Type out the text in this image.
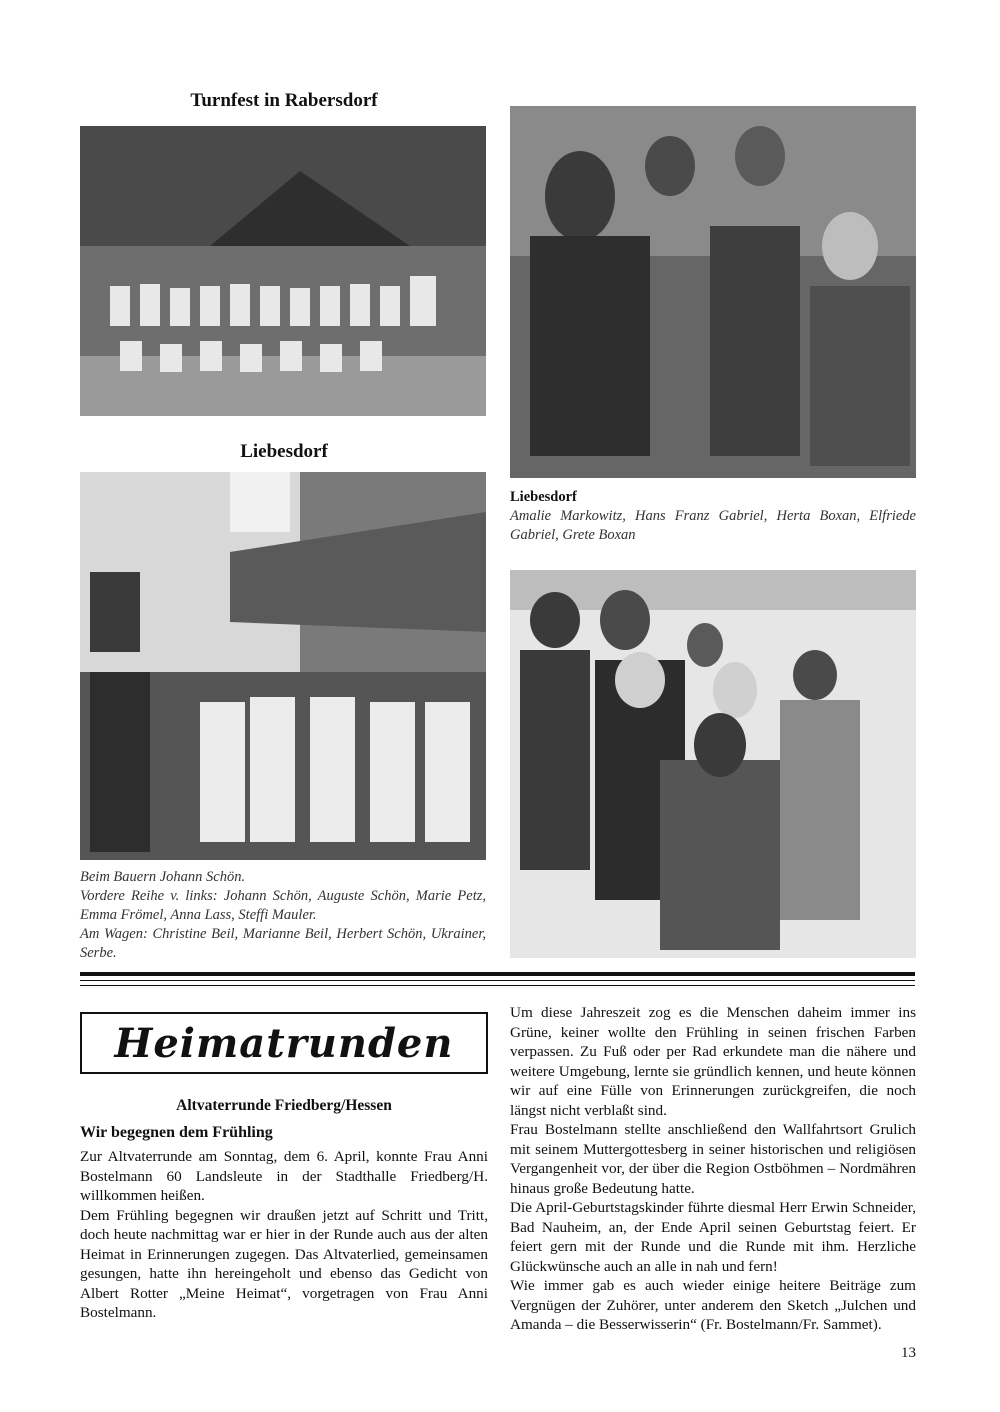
Turnfest in Rabersdorf
Liebesdorf
Beim Bauern Johann Schön.
Vordere Reihe v. links: Johann Schön, Auguste Schön, Marie Petz, Emma Frömel, Anna Lass, Steffi Mauler.
Am Wagen: Christine Beil, Marianne Beil, Herbert Schön, Ukrainer, Serbe.
Liebesdorf
Amalie Markowitz, Hans Franz Gabriel, Herta Boxan, Elfriede Gabriel, Grete Boxan
Heimatrunden
Altvaterrunde Friedberg/Hessen
Wir begegnen dem Frühling

Zur Altvaterrunde am Sonntag, dem 6. April, konnte Frau Anni Bostelmann 60 Landsleute in der Stadthalle Friedberg/H. willkommen heißen.

Dem Frühling begegnen wir draußen jetzt auf Schritt und Tritt, doch heute nachmittag war er hier in der Runde auch aus der alten Heimat in Erinnerungen zugegen. Das Altvaterlied, gemeinsamen gesungen, hatte ihn hereingeholt und ebenso das Gedicht von Albert Rotter „Meine Heimat“, vorgetragen von Frau Anni Bostelmann.

Um diese Jahreszeit zog es die Menschen daheim immer ins Grüne, keiner wollte den Frühling in seinen frischen Farben verpassen. Zu Fuß oder per Rad erkundete man die nähere und weitere Umgebung, lernte sie gründlich kennen, und heute können wir auf eine Fülle von Erinnerungen zurückgreifen, die noch längst nicht verblaßt sind.

Frau Bostelmann stellte anschließend den Wallfahrtsort Grulich mit seinem Muttergottesberg in seiner historischen und religiösen Vergangenheit vor, der über die Region Ostböhmen – Nordmähren hinaus große Bedeutung hatte.

Die April-Geburtstagskinder führte diesmal Herr Erwin Schneider, Bad Nauheim, an, der Ende April seinen Geburtstag feiert. Er feiert gern mit der Runde und die Runde mit ihm. Herzliche Glückwünsche auch an alle in nah und fern!

Wie immer gab es auch wieder einige heitere Beiträge zum Vergnügen der Zuhörer, unter anderem den Sketch „Julchen und Amanda – die Besserwisserin“ (Fr. Bostelmann/Fr. Sammet).

13
